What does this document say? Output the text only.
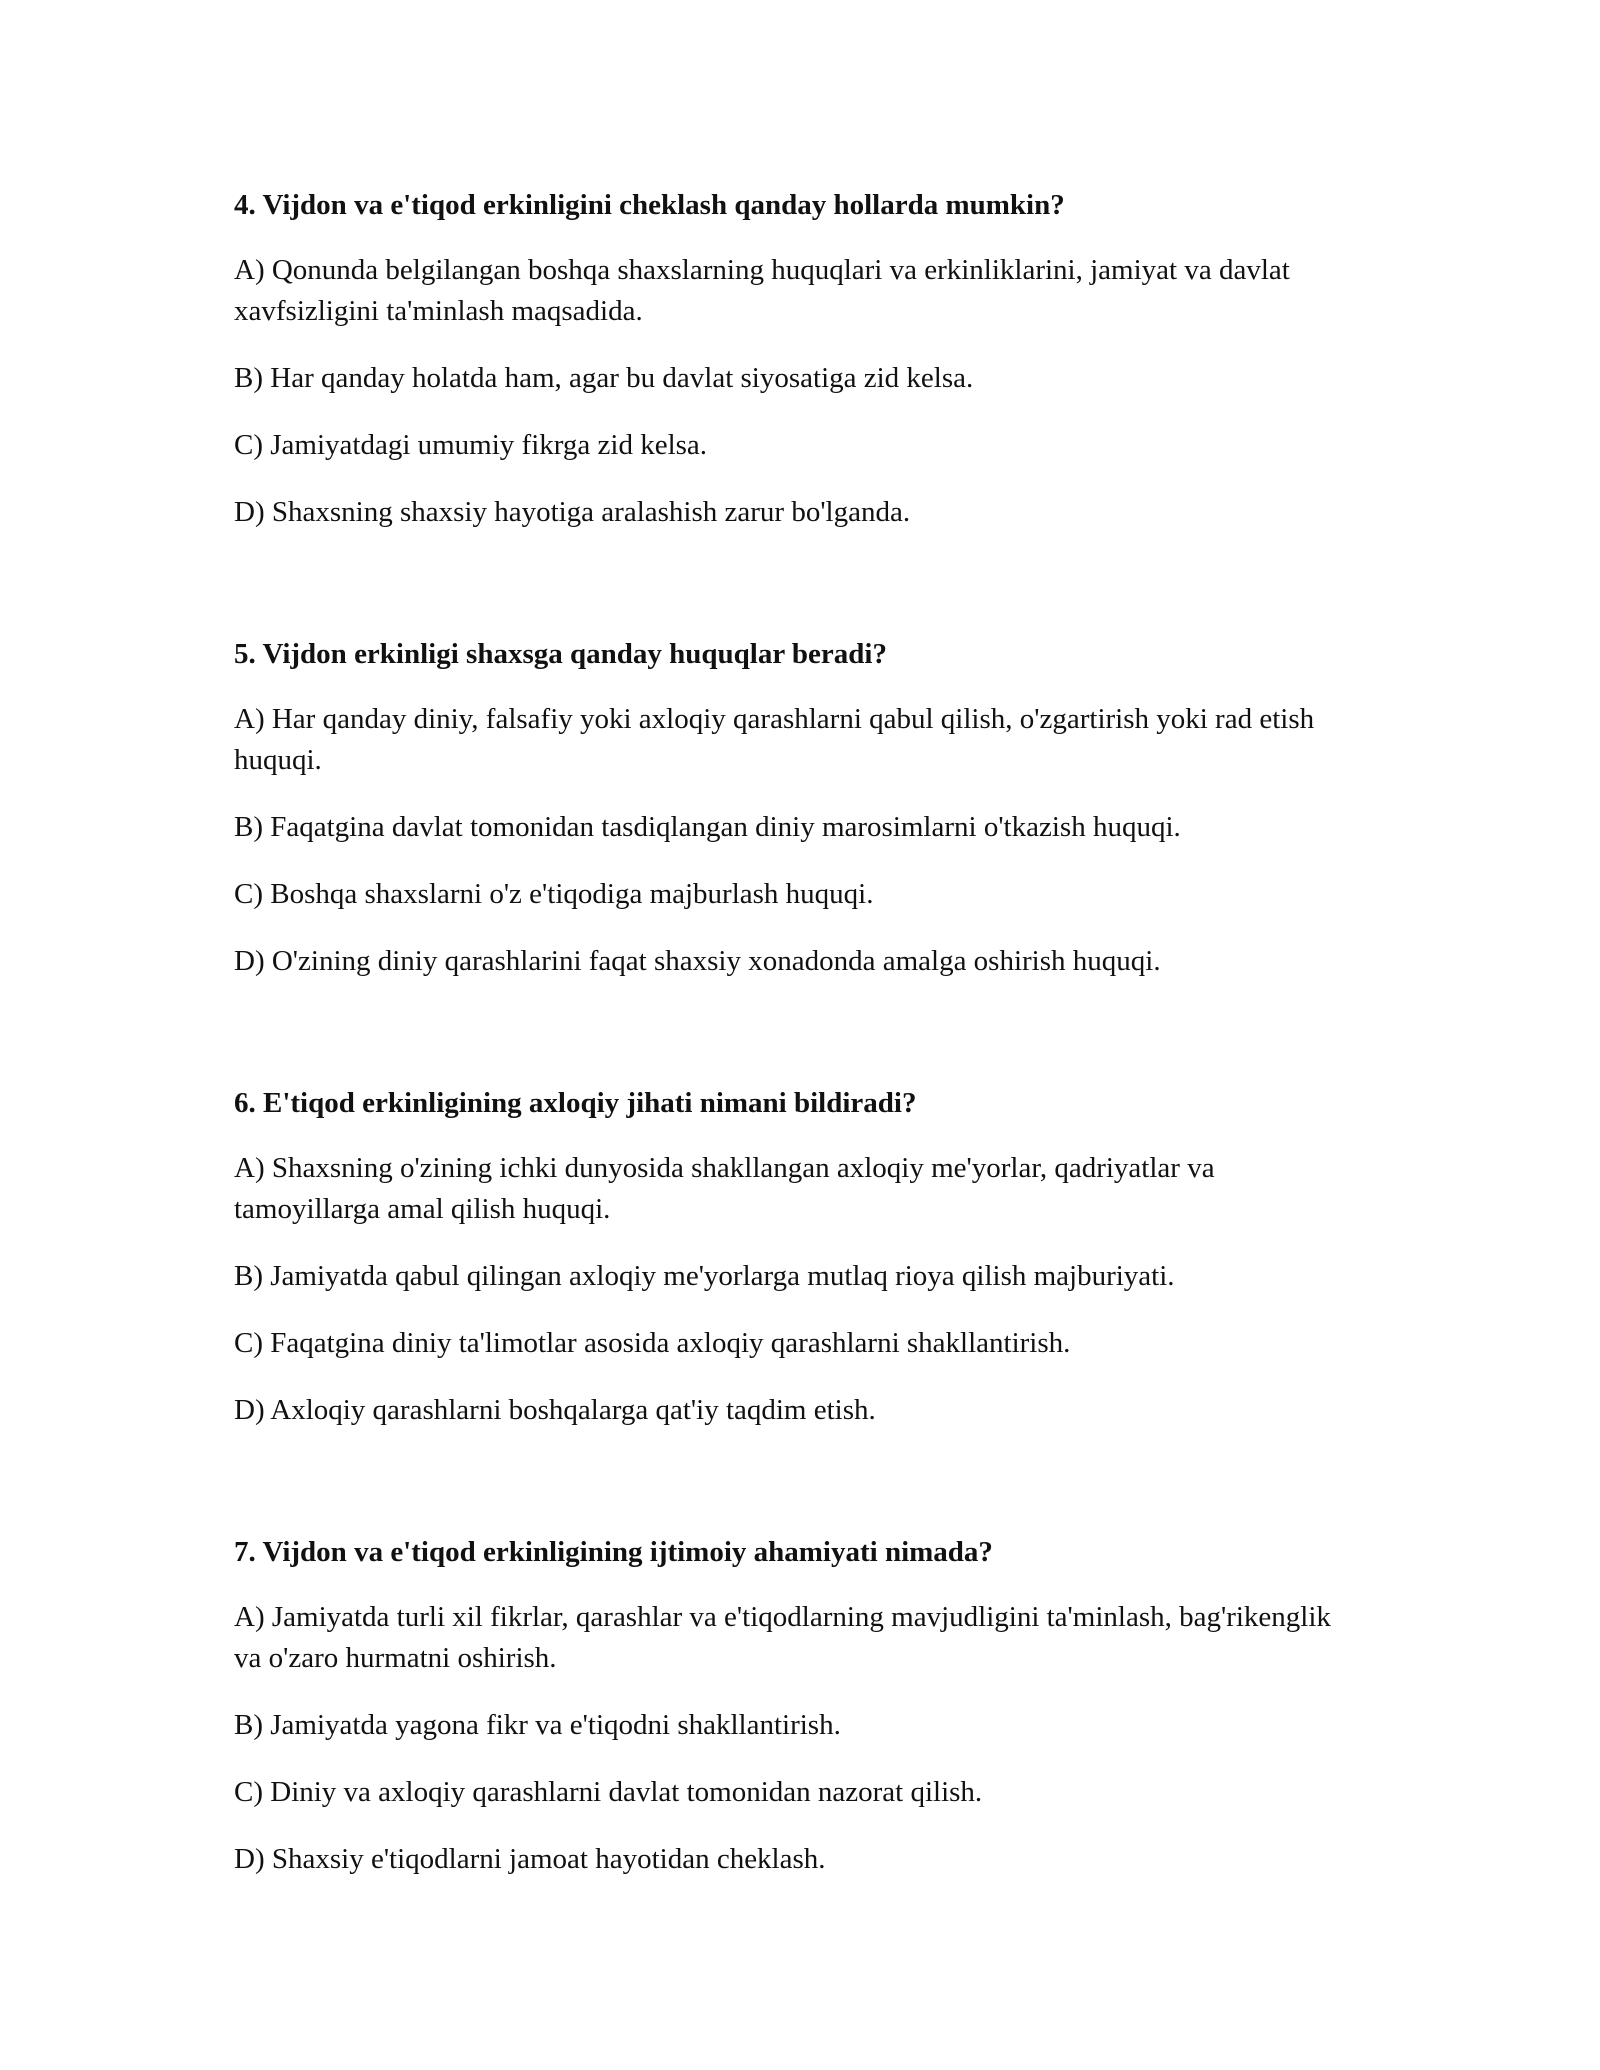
4. Vijdon va e'tiqod erkinligini cheklash qanday hollarda mumkin?

A) Qonunda belgilangan boshqa shaxslarning huquqlari va erkinliklarini, jamiyat va davlat xavfsizligini ta'minlash maqsadida.

B) Har qanday holatda ham, agar bu davlat siyosatiga zid kelsa.

C) Jamiyatdagi umumiy fikrga zid kelsa.

D) Shaxsning shaxsiy hayotiga aralashish zarur bo'lganda.

5. Vijdon erkinligi shaxsga qanday huquqlar beradi?

A) Har qanday diniy, falsafiy yoki axloqiy qarashlarni qabul qilish, o'zgartirish yoki rad etish huquqi.

B) Faqatgina davlat tomonidan tasdiqlangan diniy marosimlarni o'tkazish huquqi.

C) Boshqa shaxslarni o'z e'tiqodiga majburlash huquqi.

D) O'zining diniy qarashlarini faqat shaxsiy xonadonda amalga oshirish huquqi.

6. E'tiqod erkinligining axloqiy jihati nimani bildiradi?

A) Shaxsning o'zining ichki dunyosida shakllangan axloqiy me'yorlar, qadriyatlar va tamoyillarga amal qilish huquqi.

B) Jamiyatda qabul qilingan axloqiy me'yorlarga mutlaq rioya qilish majburiyati.

C) Faqatgina diniy ta'limotlar asosida axloqiy qarashlarni shakllantirish.

D) Axloqiy qarashlarni boshqalarga qat'iy taqdim etish.

7. Vijdon va e'tiqod erkinligining ijtimoiy ahamiyati nimada?

A) Jamiyatda turli xil fikrlar, qarashlar va e'tiqodlarning mavjudligini ta'minlash, bag'rikenglik va o'zaro hurmatni oshirish.

B) Jamiyatda yagona fikr va e'tiqodni shakllantirish.

C) Diniy va axloqiy qarashlarni davlat tomonidan nazorat qilish.

D) Shaxsiy e'tiqodlarni jamoat hayotidan cheklash.
